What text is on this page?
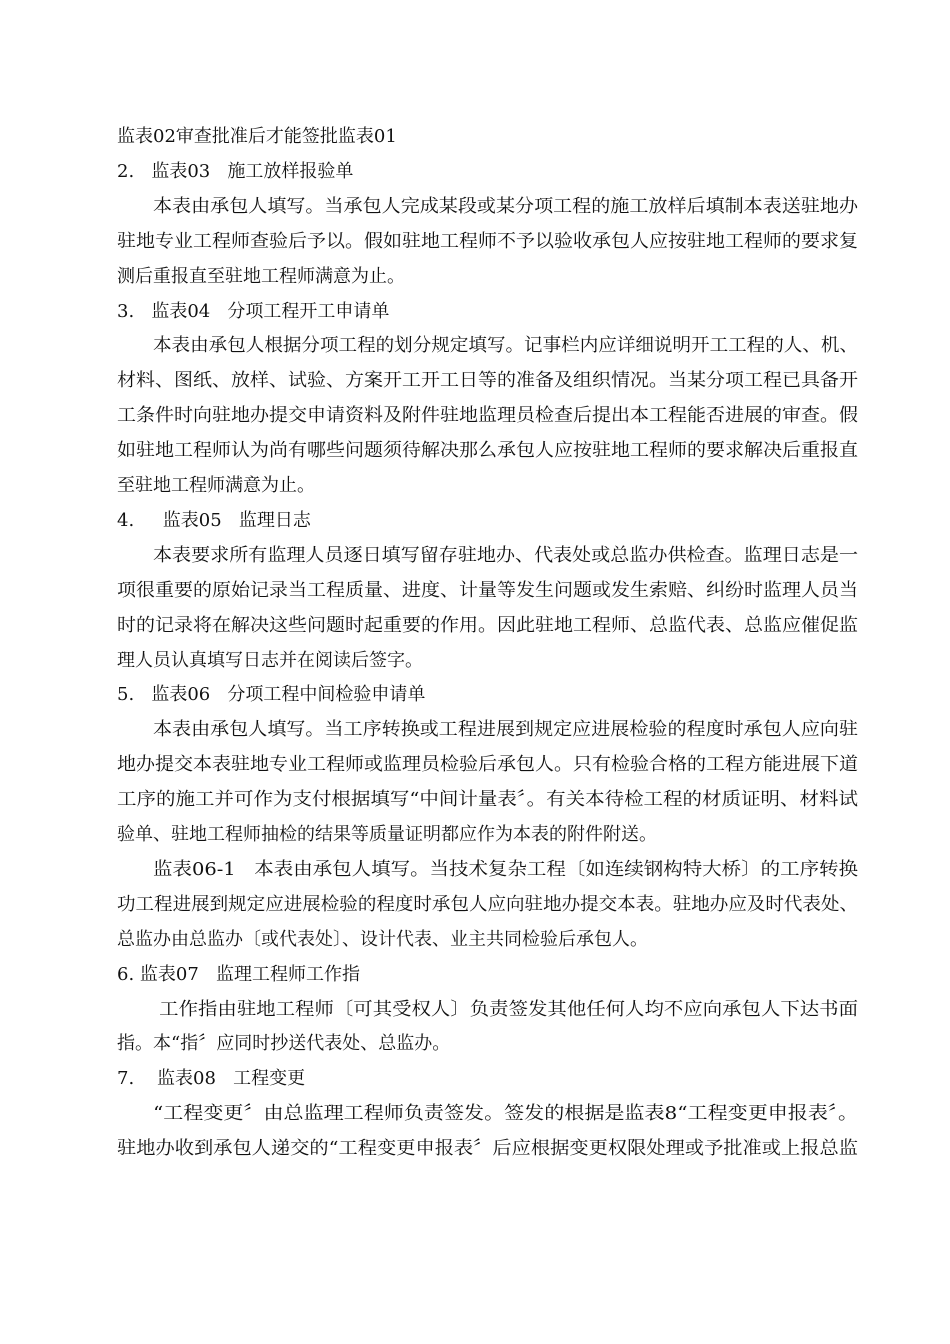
监表02审查批准后才能签批监表01
2.   监表03   施工放样报验单
本表由承包人填写。当承包人完成某段或某分项工程的施工放样后填制本表送驻地办
驻地专业工程师查验后予以。假如驻地工程师不予以验收承包人应按驻地工程师的要求复
测后重报直至驻地工程师满意为止。
3.   监表04   分项工程开工申请单
本表由承包人根据分项工程的划分规定填写。记事栏内应详细说明开工工程的人、机、
材料、图纸、放样、试验、方案开工开工日等的准备及组织情况。当某分项工程已具备开
工条件时向驻地办提交申请资料及附件驻地监理员检查后提出本工程能否进展的审查。假
如驻地工程师认为尚有哪些问题须待解决那么承包人应按驻地工程师的要求解决后重报直
至驻地工程师满意为止。
4.     监表05   监理日志
本表要求所有监理人员逐日填写留存驻地办、代表处或总监办供检查。监理日志是一
项很重要的原始记录当工程质量、进度、计量等发生问题或发生索赔、纠纷时监理人员当
时的记录将在解决这些问题时起重要的作用。因此驻地工程师、总监代表、总监应催促监
理人员认真填写日志并在阅读后签字。
5.   监表06   分项工程中间检验申请单
本表由承包人填写。当工序转换或工程进展到规定应进展检验的程度时承包人应向驻
地办提交本表驻地专业工程师或监理员检验后承包人。只有检验合格的工程方能进展下道
工序的施工并可作为支付根据填写“中间计量表〞。有关本待检工程的材质证明、材料试
验单、驻地工程师抽检的结果等质量证明都应作为本表的附件附送。
监表06-1   本表由承包人填写。当技术复杂工程〔如连续钢构特大桥〕的工序转换
功工程进展到规定应进展检验的程度时承包人应向驻地办提交本表。驻地办应及时代表处、
总监办由总监办〔或代表处〕、设计代表、业主共同检验后承包人。
6. 监表07   监理工程师工作指
工作指由驻地工程师〔可其受权人〕负责签发其他任何人均不应向承包人下达书面
指。本“指〞应同时抄送代表处、总监办。
7.    监表08   工程变更
“工程变更〞由总监理工程师负责签发。签发的根据是监表8“工程变更申报表〞。
驻地办收到承包人递交的“工程变更申报表〞后应根据变更权限处理或予批准或上报总监
